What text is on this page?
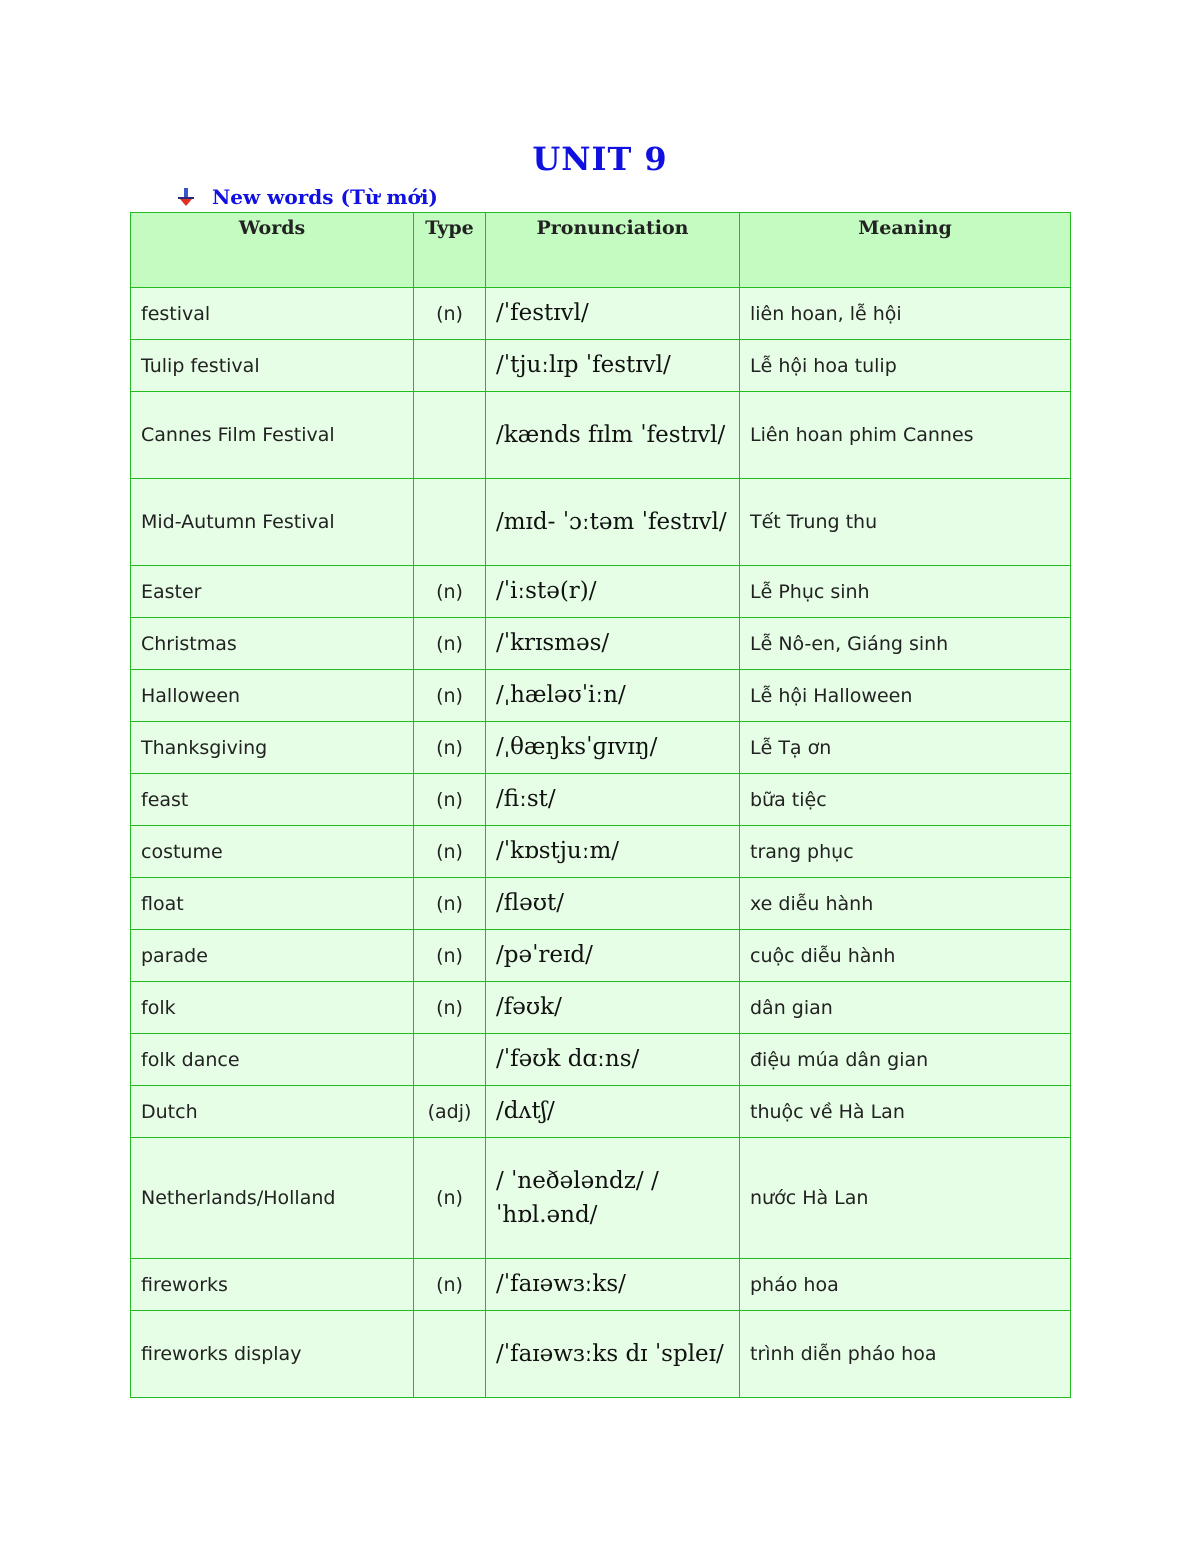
UNIT 9
New words (Từ mới)
Words	Type	Pronunciation	Meaning
festival	(n)	/ˈfestɪvl/	liên hoan, lễ hội
Tulip festival		/ˈtjuːlɪp ˈfestɪvl/	Lễ hội hoa tulip
Cannes Film Festival		/kænds fɪlm ˈfestɪvl/	Liên hoan phim Cannes
Mid-Autumn Festival		/mɪd- ˈɔːtəm ˈfestɪvl/	Tết Trung thu
Easter	(n)	/ˈiːstə(r)/	Lễ Phục sinh
Christmas	(n)	/ˈkrɪsməs/	Lễ Nô-en, Giáng sinh
Halloween	(n)	/ˌhæləʊˈiːn/	Lễ hội Halloween
Thanksgiving	(n)	/ˌθæŋksˈɡɪvɪŋ/	Lễ Tạ ơn
feast	(n)	/fiːst/	bữa tiệc
costume	(n)	/ˈkɒstjuːm/	trang phục
float	(n)	/fləʊt/	xe diễu hành
parade	(n)	/pəˈreɪd/	cuộc diễu hành
folk	(n)	/fəʊk/	dân gian
folk dance		/ˈfəʊk dɑːns/	điệu múa dân gian
Dutch	(adj)	/dʌtʃ/	thuộc về Hà Lan
Netherlands/Holland	(n)	/ ˈneðələndz/ / ˈhɒl.ənd/	nước Hà Lan
fireworks	(n)	/ˈfaɪəwɜːks/	pháo hoa
fireworks display		/ˈfaɪəwɜːks dɪ ˈspleɪ/	trình diễn pháo hoa
